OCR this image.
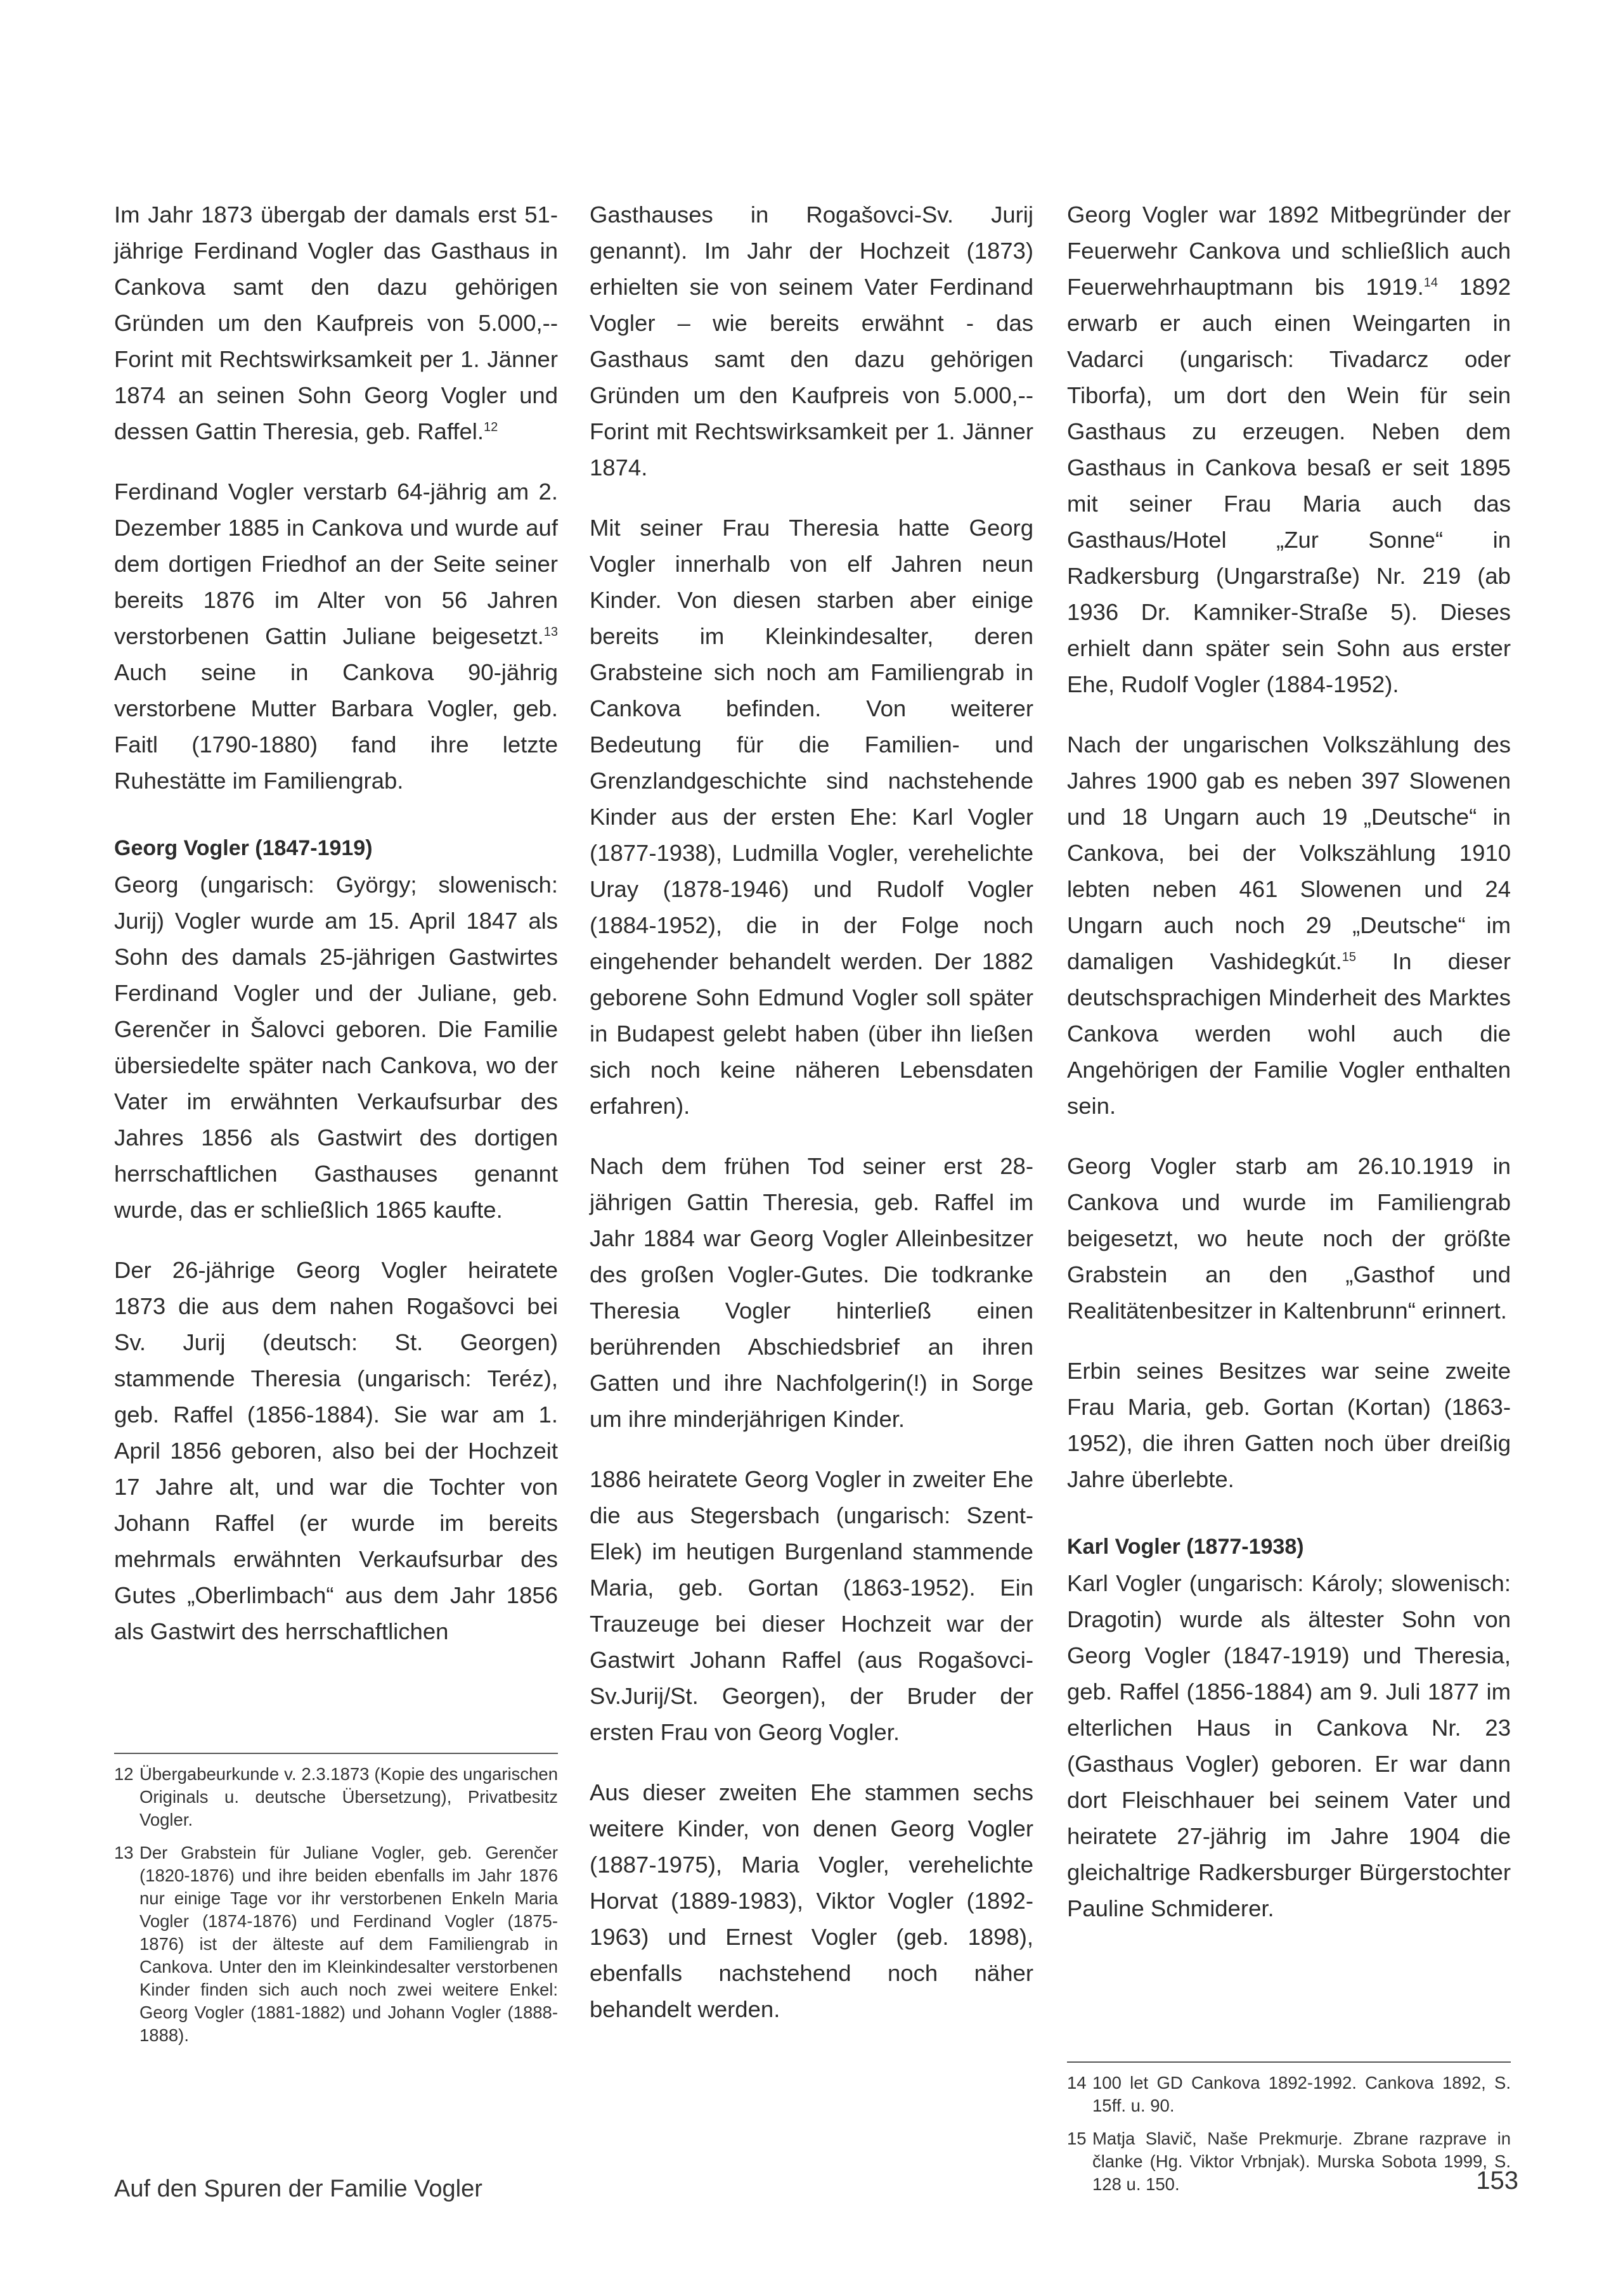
Im Jahr 1873 übergab der damals erst 51-jährige Ferdinand Vogler das Gasthaus in Cankova samt den dazu gehörigen Gründen um den Kaufpreis von 5.000,-- Forint mit Rechtswirksamkeit per 1. Jänner 1874 an seinen Sohn Georg Vogler und dessen Gattin Theresia, geb. Raffel.$^{12}$

Ferdinand Vogler verstarb 64-jährig am 2. Dezember 1885 in Cankova und wurde auf dem dortigen Friedhof an der Seite seiner bereits 1876 im Alter von 56 Jahren verstorbenen Gattin Juliane beigesetzt.$^{13}$ Auch seine in Cankova 90-jährig verstorbene Mutter Barbara Vogler, geb. Faitl (1790-1880) fand ihre letzte Ruhestätte im Familiengrab.

Georg Vogler (1847-1919)

Georg (ungarisch: György; slowenisch: Jurij) Vogler wurde am 15. April 1847 als Sohn des damals 25-jährigen Gastwirtes Ferdinand Vogler und der Juliane, geb. Gerenčer in Šalovci geboren. Die Familie übersiedelte später nach Cankova, wo der Vater im erwähnten Verkaufsurbar des Jahres 1856 als Gastwirt des dortigen herrschaftlichen Gasthauses genannt wurde, das er schließlich 1865 kaufte.

Der 26-jährige Georg Vogler heiratete 1873 die aus dem nahen Rogašovci bei Sv. Jurij (deutsch: St. Georgen) stammende Theresia (ungarisch: Teréz), geb. Raffel (1856-1884). Sie war am 1. April 1856 geboren, also bei der Hochzeit 17 Jahre alt, und war die Tochter von Johann Raffel (er wurde im bereits mehrmals erwähnten Verkaufsurbar des Gutes „Oberlimbach“ aus dem Jahr 1856 als Gastwirt des herrschaftlichen

Gasthauses in Rogašovci-Sv. Jurij genannt). Im Jahr der Hochzeit (1873) erhielten sie von seinem Vater Ferdinand Vogler – wie bereits erwähnt - das Gasthaus samt den dazu gehörigen Gründen um den Kaufpreis von 5.000,-- Forint mit Rechtswirksamkeit per 1. Jänner 1874.

Mit seiner Frau Theresia hatte Georg Vogler innerhalb von elf Jahren neun Kinder. Von diesen starben aber einige bereits im Kleinkindesalter, deren Grabsteine sich noch am Familiengrab in Cankova befinden. Von weiterer Bedeutung für die Familien- und Grenzlandgeschichte sind nachstehende Kinder aus der ersten Ehe: Karl Vogler (1877-1938), Ludmilla Vogler, verehelichte Uray (1878-1946) und Rudolf Vogler (1884-1952), die in der Folge noch eingehender behandelt werden. Der 1882 geborene Sohn Edmund Vogler soll später in Budapest gelebt haben (über ihn ließen sich noch keine näheren Lebensdaten erfahren).

Nach dem frühen Tod seiner erst 28-jährigen Gattin Theresia, geb. Raffel im Jahr 1884 war Georg Vogler Alleinbesitzer des großen Vogler-Gutes. Die todkranke Theresia Vogler hinterließ einen berührenden Abschiedsbrief an ihren Gatten und ihre Nachfolgerin(!) in Sorge um ihre minderjährigen Kinder.

1886 heiratete Georg Vogler in zweiter Ehe die aus Stegersbach (ungarisch: Szent-Elek) im heutigen Burgenland stammende Maria, geb. Gortan (1863-1952). Ein Trauzeuge bei dieser Hochzeit war der Gastwirt Johann Raffel (aus Rogašovci-Sv.Jurij/St. Georgen), der Bruder der ersten Frau von Georg Vogler.

Aus dieser zweiten Ehe stammen sechs weitere Kinder, von denen Georg Vogler (1887-1975), Maria Vogler, verehelichte Horvat (1889-1983), Viktor Vogler (1892-1963) und Ernest Vogler (geb. 1898), ebenfalls nachstehend noch näher behandelt werden.

Georg Vogler war 1892 Mitbegründer der Feuerwehr Cankova und schließlich auch Feuerwehrhauptmann bis 1919.14 1892 erwarb er auch einen Weingarten in Vadarci (ungarisch: Tivadarcz oder Tiborfa), um dort den Wein für sein Gasthaus zu erzeugen. Neben dem Gasthaus in Cankova besaß er seit 1895 mit seiner Frau Maria auch das Gasthaus/Hotel „Zur Sonne“ in Radkersburg (Ungarstraße) Nr. 219 (ab 1936 Dr. Kamniker-Straße 5). Dieses erhielt dann später sein Sohn aus erster Ehe, Rudolf Vogler (1884-1952).

Nach der ungarischen Volkszählung des Jahres 1900 gab es neben 397 Slowenen und 18 Ungarn auch 19 „Deutsche“ in Cankova, bei der Volkszählung 1910 lebten neben 461 Slowenen und 24 Ungarn auch noch 29 „Deutsche“ im damaligen Vashidegkút.$^{15}$ In dieser deutschsprachigen Minderheit des Marktes Cankova werden wohl auch die Angehörigen der Familie Vogler enthalten sein.

Georg Vogler starb am 26.10.1919 in Cankova und wurde im Familiengrab beigesetzt, wo heute noch der größte Grabstein an den „Gasthof und Realitätenbesitzer in Kaltenbrunn“ erinnert.

Erbin seines Besitzes war seine zweite Frau Maria, geb. Gortan (Kortan) (1863-1952), die ihren Gatten noch über dreißig Jahre überlebte.

Karl Vogler (1877-1938)

Karl Vogler (ungarisch: Károly; slowenisch: Dragotin) wurde als ältester Sohn von Georg Vogler (1847-1919) und Theresia, geb. Raffel (1856-1884) am 9. Juli 1877 im elterlichen Haus in Cankova Nr. 23 (Gasthaus Vogler) geboren. Er war dann dort Fleischhauer bei seinem Vater und heiratete 27-jährig im Jahre 1904 die gleichaltrige Radkersburger Bürgerstochter Pauline Schmiderer.

12 Übergabeurkunde v. 2.3.1873 (Kopie des ungarischen Originals u. deutsche Übersetzung), Privatbesitz Vogler.
13 Der Grabstein für Juliane Vogler, geb. Gerenčer (1820-1876) und ihre beiden ebenfalls im Jahr 1876 nur einige Tage vor ihr verstorbenen Enkeln Maria Vogler (1874-1876) und Ferdinand Vogler (1875-1876) ist der älteste auf dem Familiengrab in Cankova. Unter den im Kleinkindesalter verstorbenen Kinder finden sich auch noch zwei weitere Enkel: Georg Vogler (1881-1882) und Johann Vogler (1888-1888).
14 100 let GD Cankova 1892-1992. Cankova 1892, S. 15ff. u. 90.
15 Matja Slavič, Naše Prekmurje. Zbrane razprave in članke (Hg. Viktor Vrbnjak). Murska Sobota 1999, S. 128 u. 150.
Auf den Spuren der Familie Vogler	153
